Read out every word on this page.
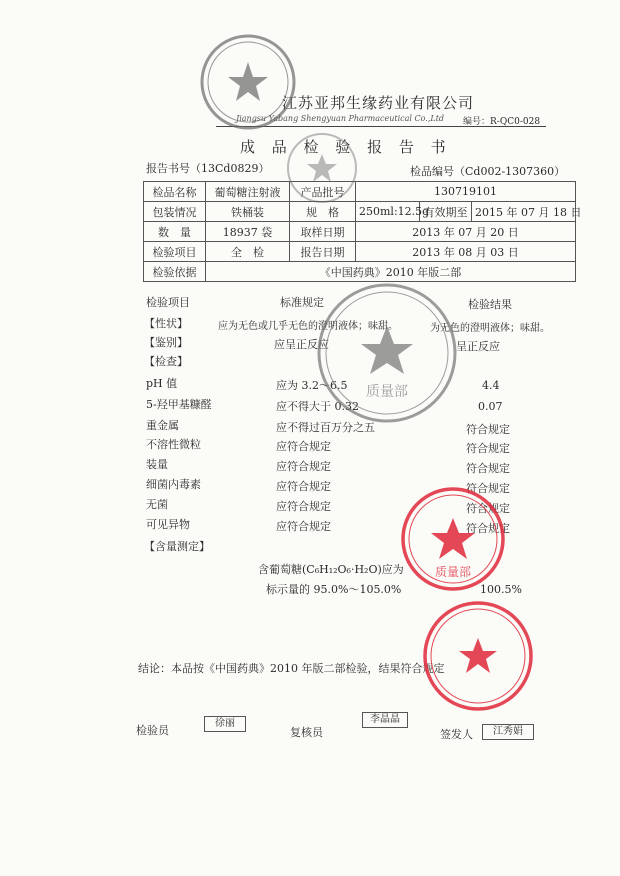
江苏亚邦生缘药业有限公司
Jiangsu Yabang Shengyuan Pharmaceutical Co.,Ltd 编号：R-QC0-028
成 品 检 验 报 告 书
报告书号（13Cd0829）	检品编号（Cd002-1307360）
检品名称	葡萄糖注射液	产品批号	130719101		
包装情况	铁桶装	规　格	250ml:12.5g	有效期至	2015 年 07 月 18 日
数　量	18937 袋	取样日期	2013 年 07 月 20 日		
检验项目	全　检	报告日期	2013 年 08 月 03 日		
检验依据	《中国药典》2010 年版二部				
检验项目	标准规定	检验结果
【性状】	应为无色或几乎无色的澄明液体；味甜。	为无色的澄明液体；味甜。
【鉴别】	应呈正反应	呈正反应
【检查】
pH 值	应为 3.2～6.5	4.4
5-羟甲基糠醛	应不得大于 0.32	0.07
重金属	应不得过百万分之五	符合规定
不溶性微粒	应符合规定	符合规定
装量	应符合规定	符合规定
细菌内毒素	应符合规定	符合规定
无菌	应符合规定	符合规定
可见异物	应符合规定	符合规定
【含量测定】
含葡萄糖(C₆H₁₂O₆·H₂O)应为
标示量的 95.0%～105.0%	100.5%
结论：本品按《中国药典》2010 年版二部检验，结果符合规定
检验员
徐丽
复核员
李晶晶
签发人	江秀娟
质量部
质量部
